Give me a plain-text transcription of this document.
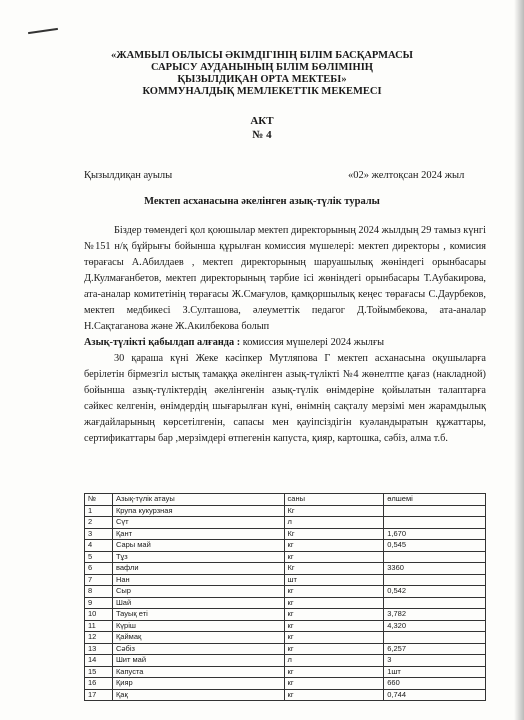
«ЖАМБЫЛ ОБЛЫСЫ ӘКІМДІГІНІҢ БІЛІМ БАСҚАРМАСЫ
САРЫСУ АУДАНЫНЫҢ БІЛІМ БӨЛІМІНІҢ
ҚЫЗЫЛДИҚАН ОРТА МЕКТЕБІ»
КОММУНАЛДЫҚ МЕМЛЕКЕТТІК МЕКЕМЕСІ
АКТ
№ 4
Қызылдиқан ауылы	«02» желтоқсан 2024 жыл
Мектеп асханасына әкелінген азық-түлік туралы

Біздер төмендегі қол қоюшылар мектеп директорының 2024 жылдың 29 тамыз күнгі №151 н/қ бұйрығы бойынша құрылған комиссия мүшелері: мектеп директоры , комисия төрағасы А.Абилдаев , мектеп директорының шаруашылық жөніндегі орынбасары Д.Кулмағанбетов, мектеп директорының тәрбие ісі жөніндегі орынбасары Т.Аубакирова, ата-аналар комитетінің төрағасы Ж.Смағулов, қамқоршылық кеңес төрағасы С.Даурбеков, мектеп медбикесі З.Султашова, әлеуметтік педагог Д.Тойымбекова, ата-аналар Н.Сақтаганова және Ж.Акилбекова болып

Азық-түлікті қабылдап алғанда : комиссия мүшелері 2024 жылғы

30 қараша күні Жеке кәсіпкер Мутляпова Г мектеп асханасына оқушыларға берілетін бірмезгіл ыстық тамаққа әкелінген азық-түлікті №4 жөнелтпе қағаз (накладной) бойынша азық-түліктердің әкелінгенін азық-түлік өнімдеріне қойылатын талаптарға сәйкес келгенін, өнімдердің шығарылған күні, өнімнің сақталу мерзімі мен жарамдылық жағдайларының көрсетілгенін, сапасы мен қауіпсіздігін куәландыратын құжаттары, сертификаттары бар ,мерзімдері өтпегенін капуста, қияр, картошка, сәбіз, алма т.б.

№	Азық-түлік атауы	саны	өлшемі
1	Крупа кукурзная	Кг	
2	Сүт	л	
3	Қант	Кг	1,670
4	Сары май	кг	0,545
5	Тұз	кг	
6	вафли	Кг	3360
7	Нан	шт	
8	Сыр	кг	0,542
9	Шай	кг	
10	Тауық еті	кг	3,782
11	Күріш	кг	4,320
12	Қаймақ	кг	
13	Сәбіз	кг	6,257
14	Шит май	л	3
15	Капуста	кг	1шт
16	Қияр	кг	660
17	Қақ	кг	0,744
